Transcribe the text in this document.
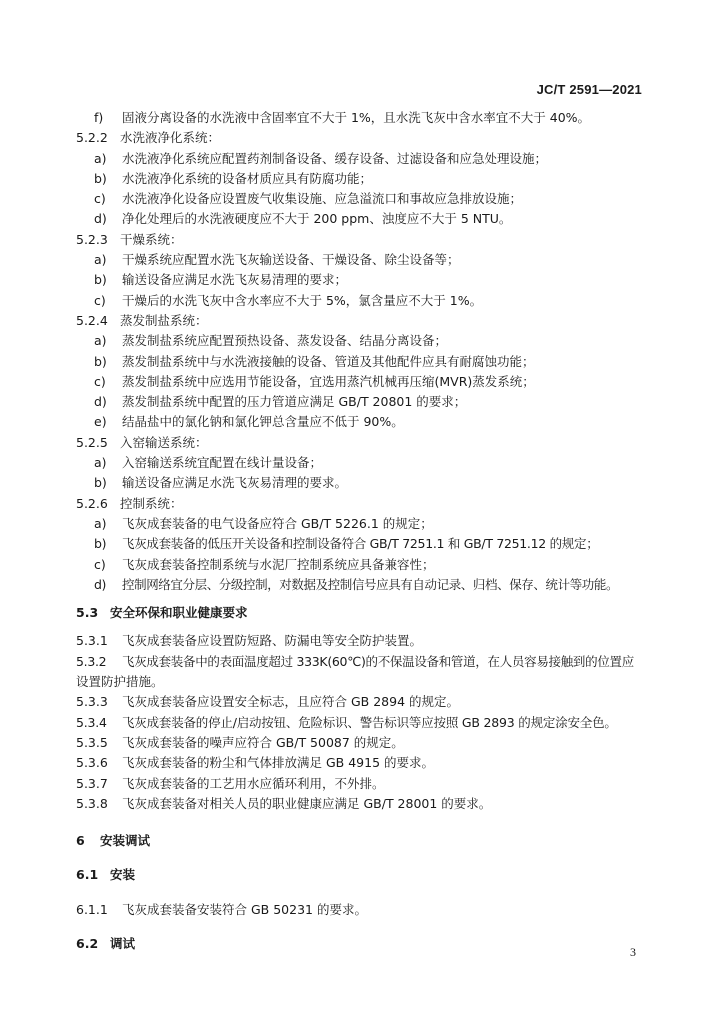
JC/T 2591—2021
f) 固液分离设备的水洗液中含固率宜不大于 1%，且水洗飞灰中含水率宜不大于 40%。
5.2.2 水洗液净化系统：
a) 水洗液净化系统应配置药剂制备设备、缓存设备、过滤设备和应急处理设施；
b) 水洗液净化系统的设备材质应具有防腐功能；
c) 水洗液净化设备应设置废气收集设施、应急溢流口和事故应急排放设施；
d) 净化处理后的水洗液硬度应不大于 200 ppm、浊度应不大于 5 NTU。
5.2.3 干燥系统：
a) 干燥系统应配置水洗飞灰输送设备、干燥设备、除尘设备等；
b) 输送设备应满足水洗飞灰易清理的要求；
c) 干燥后的水洗飞灰中含水率应不大于 5%，氯含量应不大于 1%。
5.2.4 蒸发制盐系统：
a) 蒸发制盐系统应配置预热设备、蒸发设备、结晶分离设备；
b) 蒸发制盐系统中与水洗液接触的设备、管道及其他配件应具有耐腐蚀功能；
c) 蒸发制盐系统中应选用节能设备，宜选用蒸汽机械再压缩(MVR)蒸发系统；
d) 蒸发制盐系统中配置的压力管道应满足 GB/T 20801 的要求；
e) 结晶盐中的氯化钠和氯化钾总含量应不低于 90%。
5.2.5 入窑输送系统：
a) 入窑输送系统宜配置在线计量设备；
b) 输送设备应满足水洗飞灰易清理的要求。
5.2.6 控制系统：
a) 飞灰成套装备的电气设备应符合 GB/T 5226.1 的规定；
b) 飞灰成套装备的低压开关设备和控制设备符合 GB/T 7251.1 和 GB/T 7251.12 的规定；
c) 飞灰成套装备控制系统与水泥厂控制系统应具备兼容性；
d) 控制网络宜分层、分级控制，对数据及控制信号应具有自动记录、归档、保存、统计等功能。
5.3 安全环保和职业健康要求
5.3.1 飞灰成套装备应设置防短路、防漏电等安全防护装置。
5.3.2 飞灰成套装备中的表面温度超过 333K(60℃)的不保温设备和管道，在人员容易接触到的位置应
设置防护措施。
5.3.3 飞灰成套装备应设置安全标志，且应符合 GB 2894 的规定。
5.3.4 飞灰成套装备的停止/启动按钮、危险标识、警告标识等应按照 GB 2893 的规定涂安全色。
5.3.5 飞灰成套装备的噪声应符合 GB/T 50087 的规定。
5.3.6 飞灰成套装备的粉尘和气体排放满足 GB 4915 的要求。
5.3.7 飞灰成套装备的工艺用水应循环利用，不外排。
5.3.8 飞灰成套装备对相关人员的职业健康应满足 GB/T 28001 的要求。
6 安装调试
6.1 安装
6.1.1 飞灰成套装备安装符合 GB 50231 的要求。
6.2 调试
3
